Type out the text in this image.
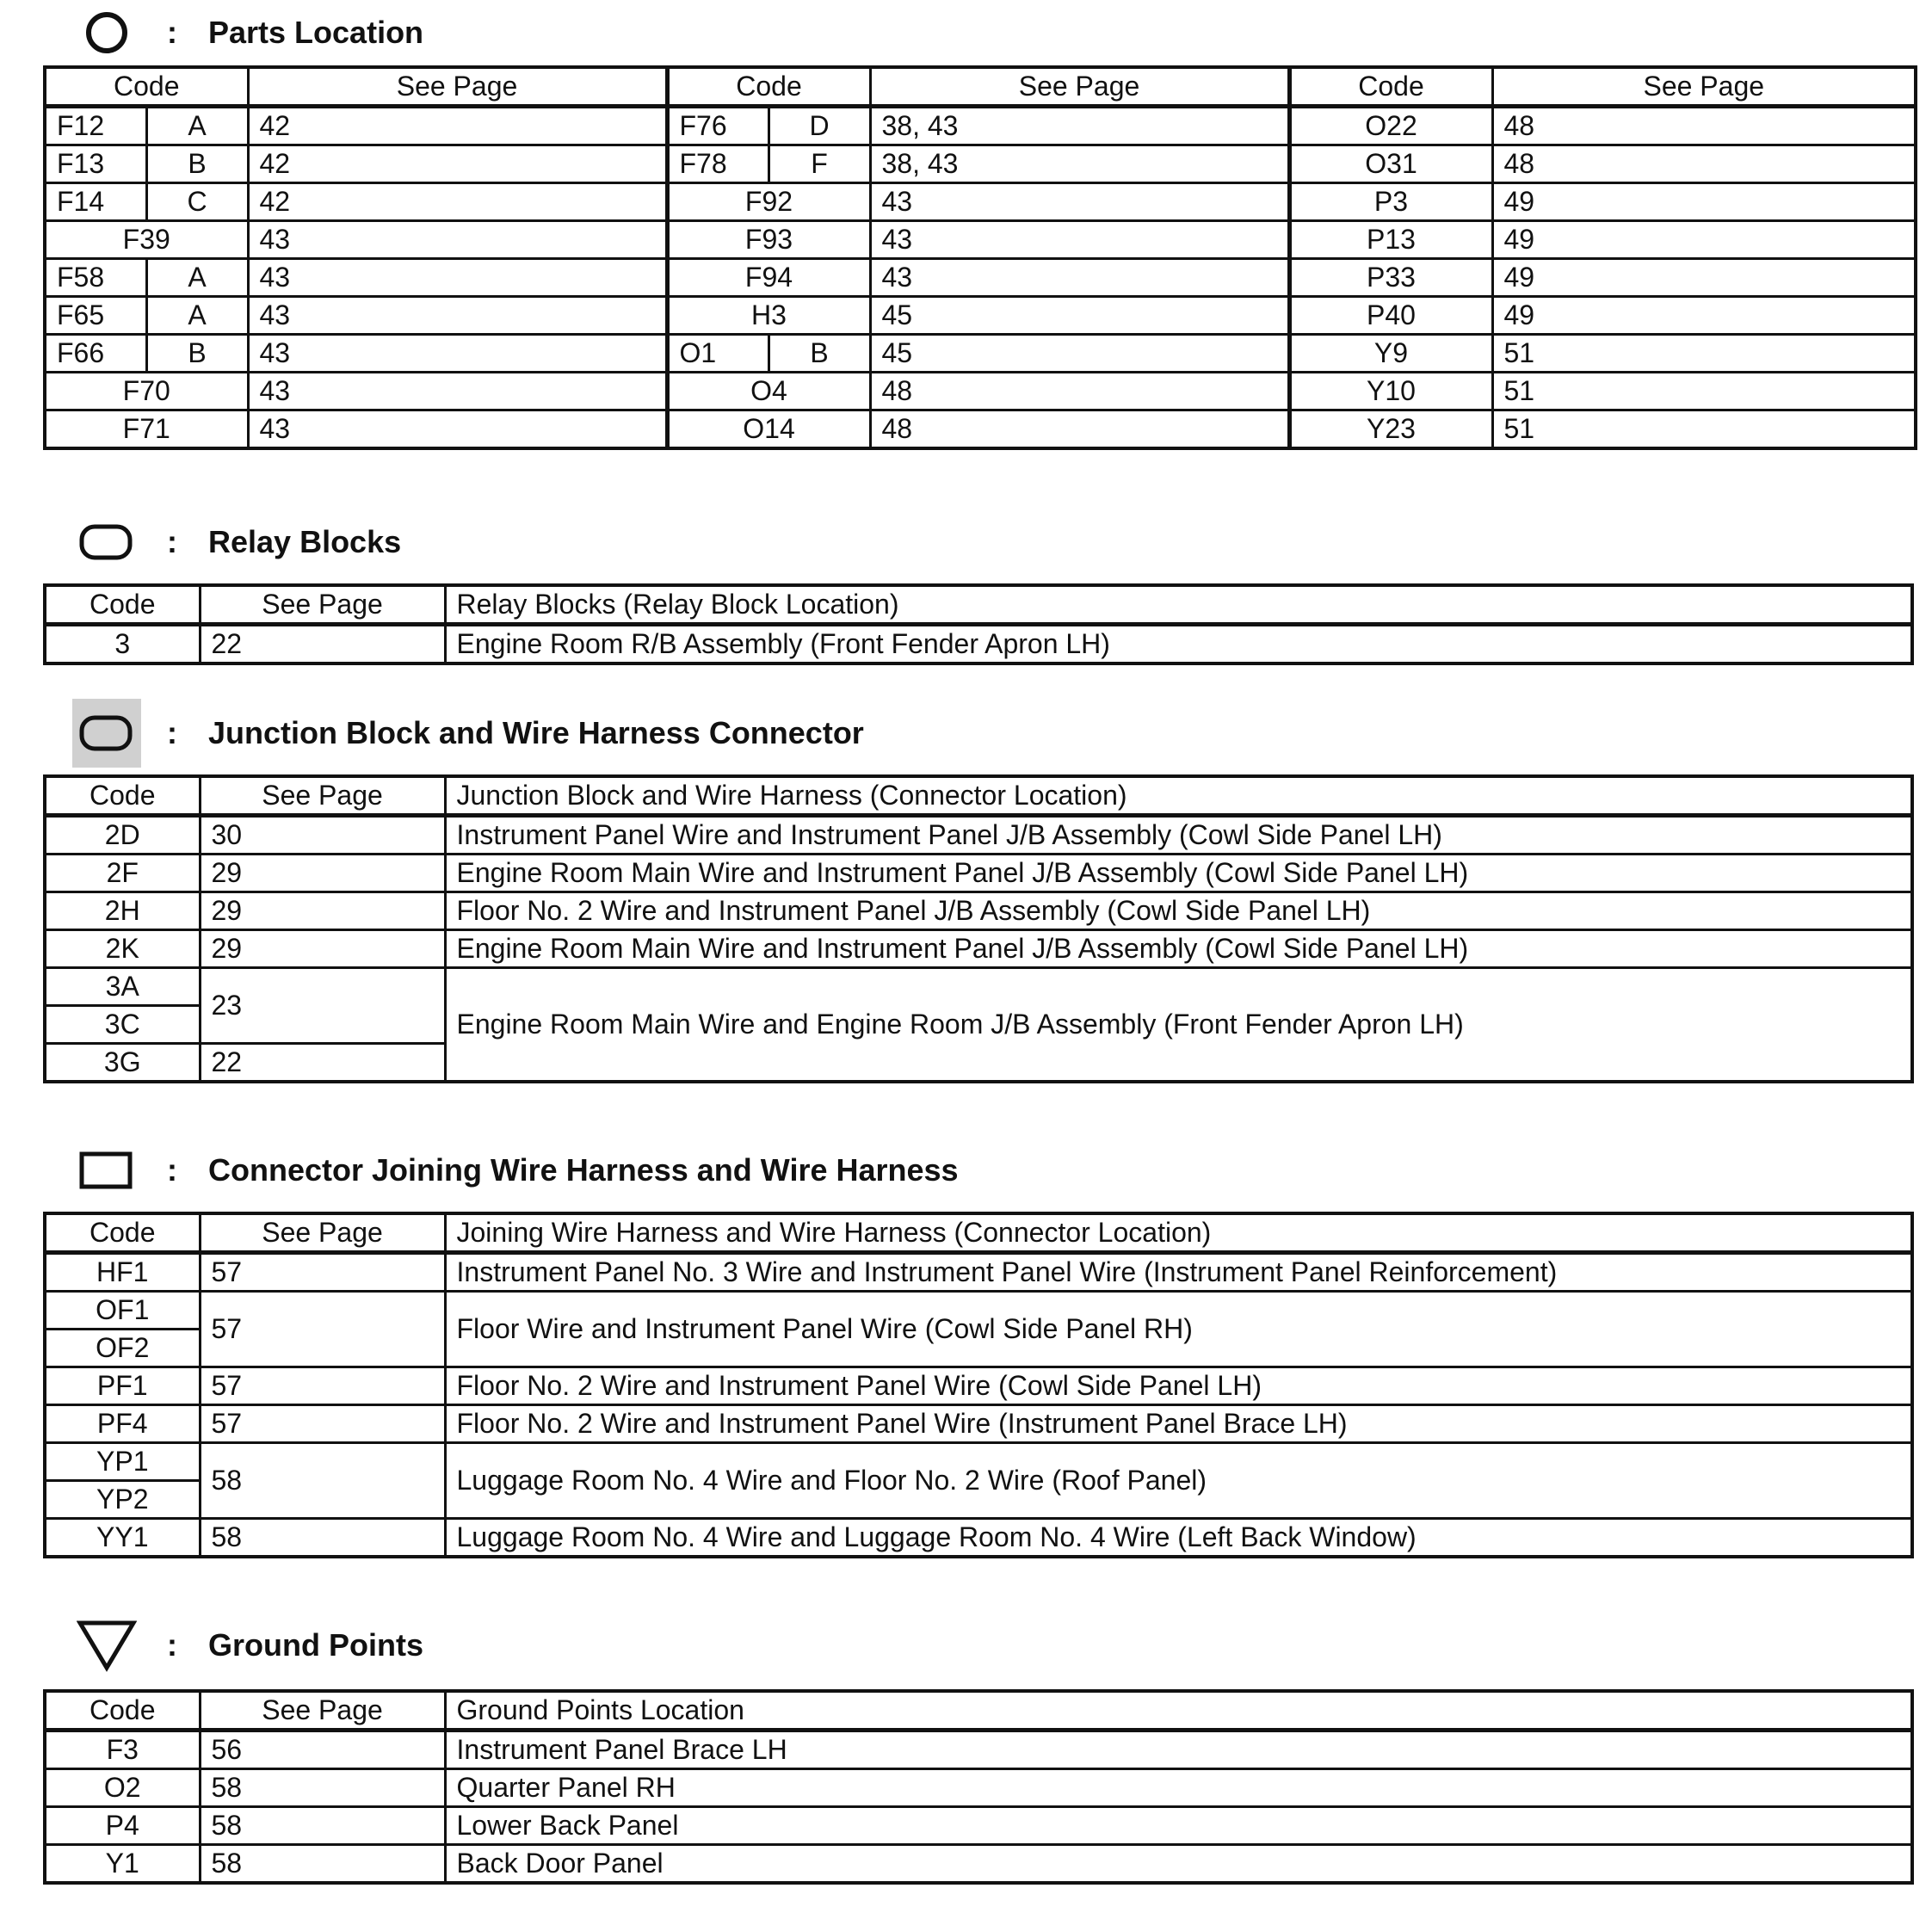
: Parts Location
Code		See Page	Code		See Page	Code	See Page
F12	A	42	F76	D	38, 43	O22	48
F13	B	42	F78	F	38, 43	O31	48
F14	C	42	F92		43	P3	49
F39		43	F93		43	P13	49
F58	A	43	F94		43	P33	49
F65	A	43	H3		45	P40	49
F66	B	43	O1	B	45	Y9	51
F70		43	O4		48	Y10	51
F71		43	O14		48	Y23	51
: Relay Blocks
Code	See Page	Relay Blocks (Relay Block Location)
3	22	Engine Room R/B Assembly (Front Fender Apron LH)
: Junction Block and Wire Harness Connector
Code	See Page	Junction Block and Wire Harness (Connector Location)
2D	30	Instrument Panel Wire and Instrument Panel J/B Assembly (Cowl Side Panel LH)
2F	29	Engine Room Main Wire and Instrument Panel J/B Assembly (Cowl Side Panel LH)
2H	29	Floor No. 2 Wire and Instrument Panel J/B Assembly (Cowl Side Panel LH)
2K	29	Engine Room Main Wire and Instrument Panel J/B Assembly (Cowl Side Panel LH)
3A	23	Engine Room Main Wire and Engine Room J/B Assembly (Front Fender Apron LH)
3C		
3G	22	
: Connector Joining Wire Harness and Wire Harness
Code	See Page	Joining Wire Harness and Wire Harness (Connector Location)
HF1	57	Instrument Panel No. 3 Wire and Instrument Panel Wire (Instrument Panel Reinforcement)
OF1	57	Floor Wire and Instrument Panel Wire (Cowl Side Panel RH)
OF2		
PF1	57	Floor No. 2 Wire and Instrument Panel Wire (Cowl Side Panel LH)
PF4	57	Floor No. 2 Wire and Instrument Panel Wire (Instrument Panel Brace LH)
YP1	58	Luggage Room No. 4 Wire and Floor No. 2 Wire (Roof Panel)
YP2		
YY1	58	Luggage Room No. 4 Wire and Luggage Room No. 4 Wire (Left Back Window)
: Ground Points
Code	See Page	Ground Points Location
F3	56	Instrument Panel Brace LH
O2	58	Quarter Panel RH
P4	58	Lower Back Panel
Y1	58	Back Door Panel
